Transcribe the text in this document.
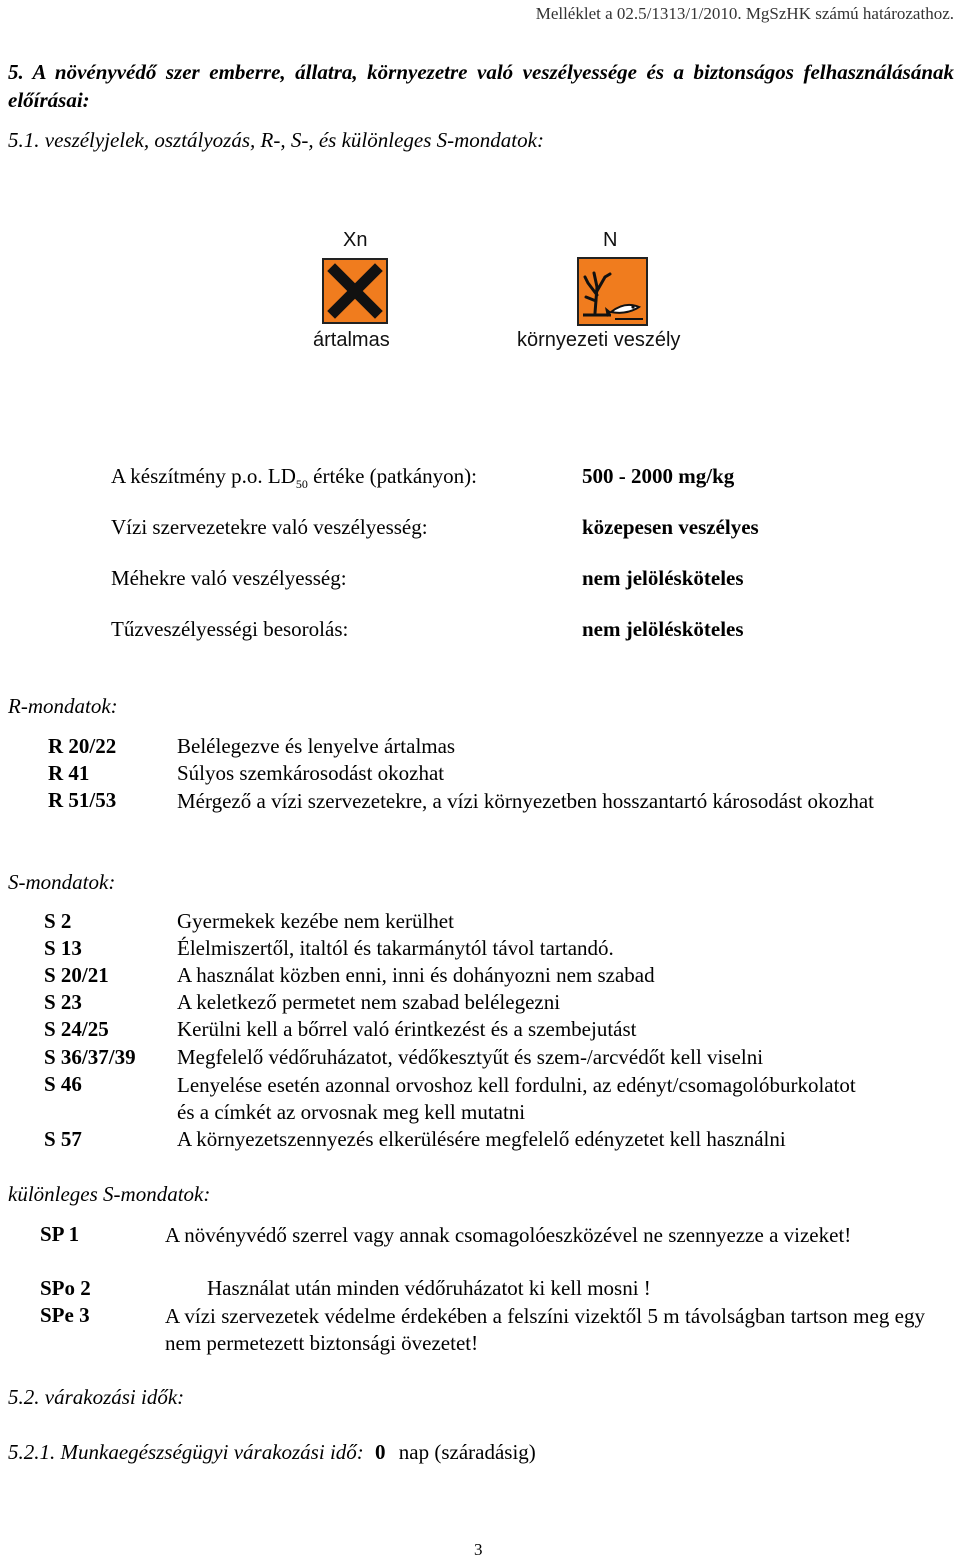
Melléklet a 02.5/1313/1/2010. MgSzHK számú határozathoz.
5. A növényvédő szer emberre, állatra, környezetre való veszélyessége és a biztonságos felhasználásának előírásai:
5.1. veszélyjelek, osztályozás, R-, S-, és különleges S-mondatok:
Xn
ártalmas
N
környezeti veszély
A készítmény p.o. $LD_{50}$ értéke (patkányon):	500 - 2000 mg/kg
Vízi szervezetekre való veszélyesség:	közepesen veszélyes
Méhekre való veszélyesség:	nem jelölésköteles
Tűzveszélyességi besorolás:	nem jelölésköteles
R-mondatok:
R 20/22	Belélegezve és lenyelve ártalmas
R 41	Súlyos szemkárosodást okozhat
R 51/53	Mérgező a vízi szervezetekre, a vízi környezetben hosszantartó károsodást okozhat
S-mondatok:
S 2	Gyermekek kezébe nem kerülhet
S 13	Élelmiszertől, italtól és takarmánytól távol tartandó.
S 20/21	A használat közben enni, inni és dohányozni nem szabad
S 23	A keletkező permetet nem szabad belélegezni
S 24/25	Kerülni kell a bőrrel való érintkezést és a szembejutást
S 36/37/39 Megfelelő védőruházatot, védőkesztyűt és szem-/arcvédőt kell viselni
S 46	Lenyelése esetén azonnal orvoshoz kell fordulni, az edényt/csomagolóburkolatot és a címkét az orvosnak meg kell mutatni
S 57	A környezetszennyezés elkerülésére megfelelő edényzetet kell használni
különleges S-mondatok:
SP 1	A növényvédő szerrel vagy annak csomagolóeszközével ne szennyezze a vizeket!
SPo 2	Használat után minden védőruházatot ki kell mosni !
SPe 3	A vízi szervezetek védelme érdekében a felszíni vizektől 5 m távolságban tartson meg egy nem permetezett biztonsági övezetet!
5.2. várakozási idők:
5.2.1. Munkaegészségügyi várakozási idő: 0 nap (száradásig)
3
